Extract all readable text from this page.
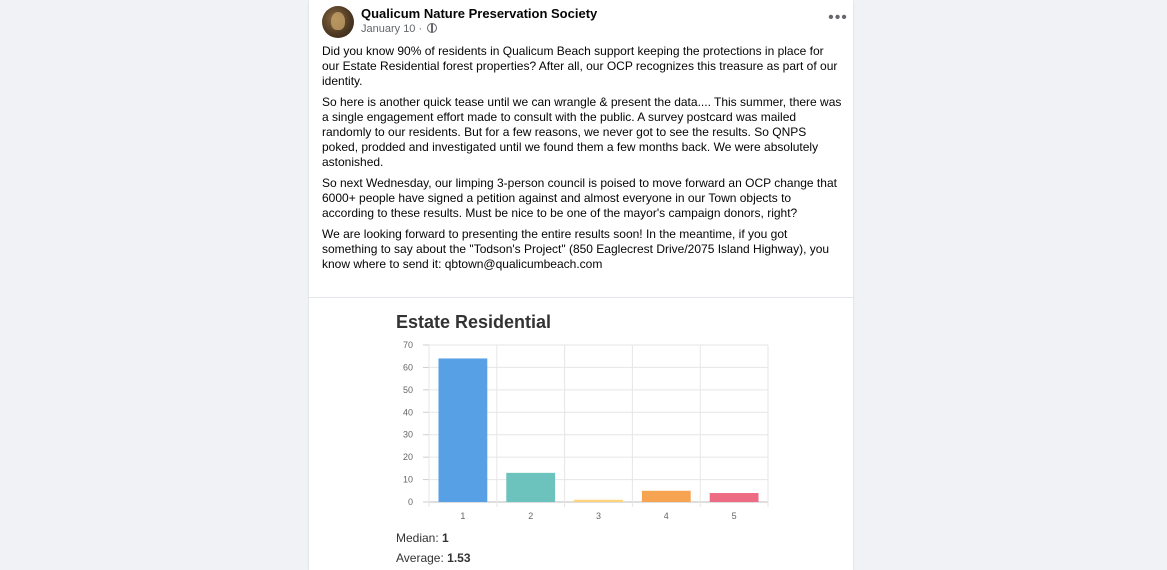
Qualicum Nature Preservation Society
January 10 ·
•••

Did you know 90% of residents in Qualicum Beach support keeping the protections in place for our Estate Residential forest properties? After all, our OCP recognizes this treasure as part of our identity.

So here is another quick tease until we can wrangle & present the data.... This summer, there was a single engagement effort made to consult with the public. A survey postcard was mailed randomly to our residents. But for a few reasons, we never got to see the results. So QNPS poked, prodded and investigated until we found them a few months back. We were absolutely astonished.

So next Wednesday, our limping 3-person council is poised to move forward an OCP change that 6000+ people have signed a petition against and almost everyone in our Town objects to according to these results. Must be nice to be one of the mayor's campaign donors, right?

We are looking forward to presenting the entire results soon! In the meantime, if you got something to say about the "Todson's Project" (850 Eaglecrest Drive/2075 Island Highway), you know where to send it: qbtown@qualicumbeach.com

Estate Residential
0
10
20
30
40
50
60
70
1	2	3	4	5
Median: 1
Average: 1.53
